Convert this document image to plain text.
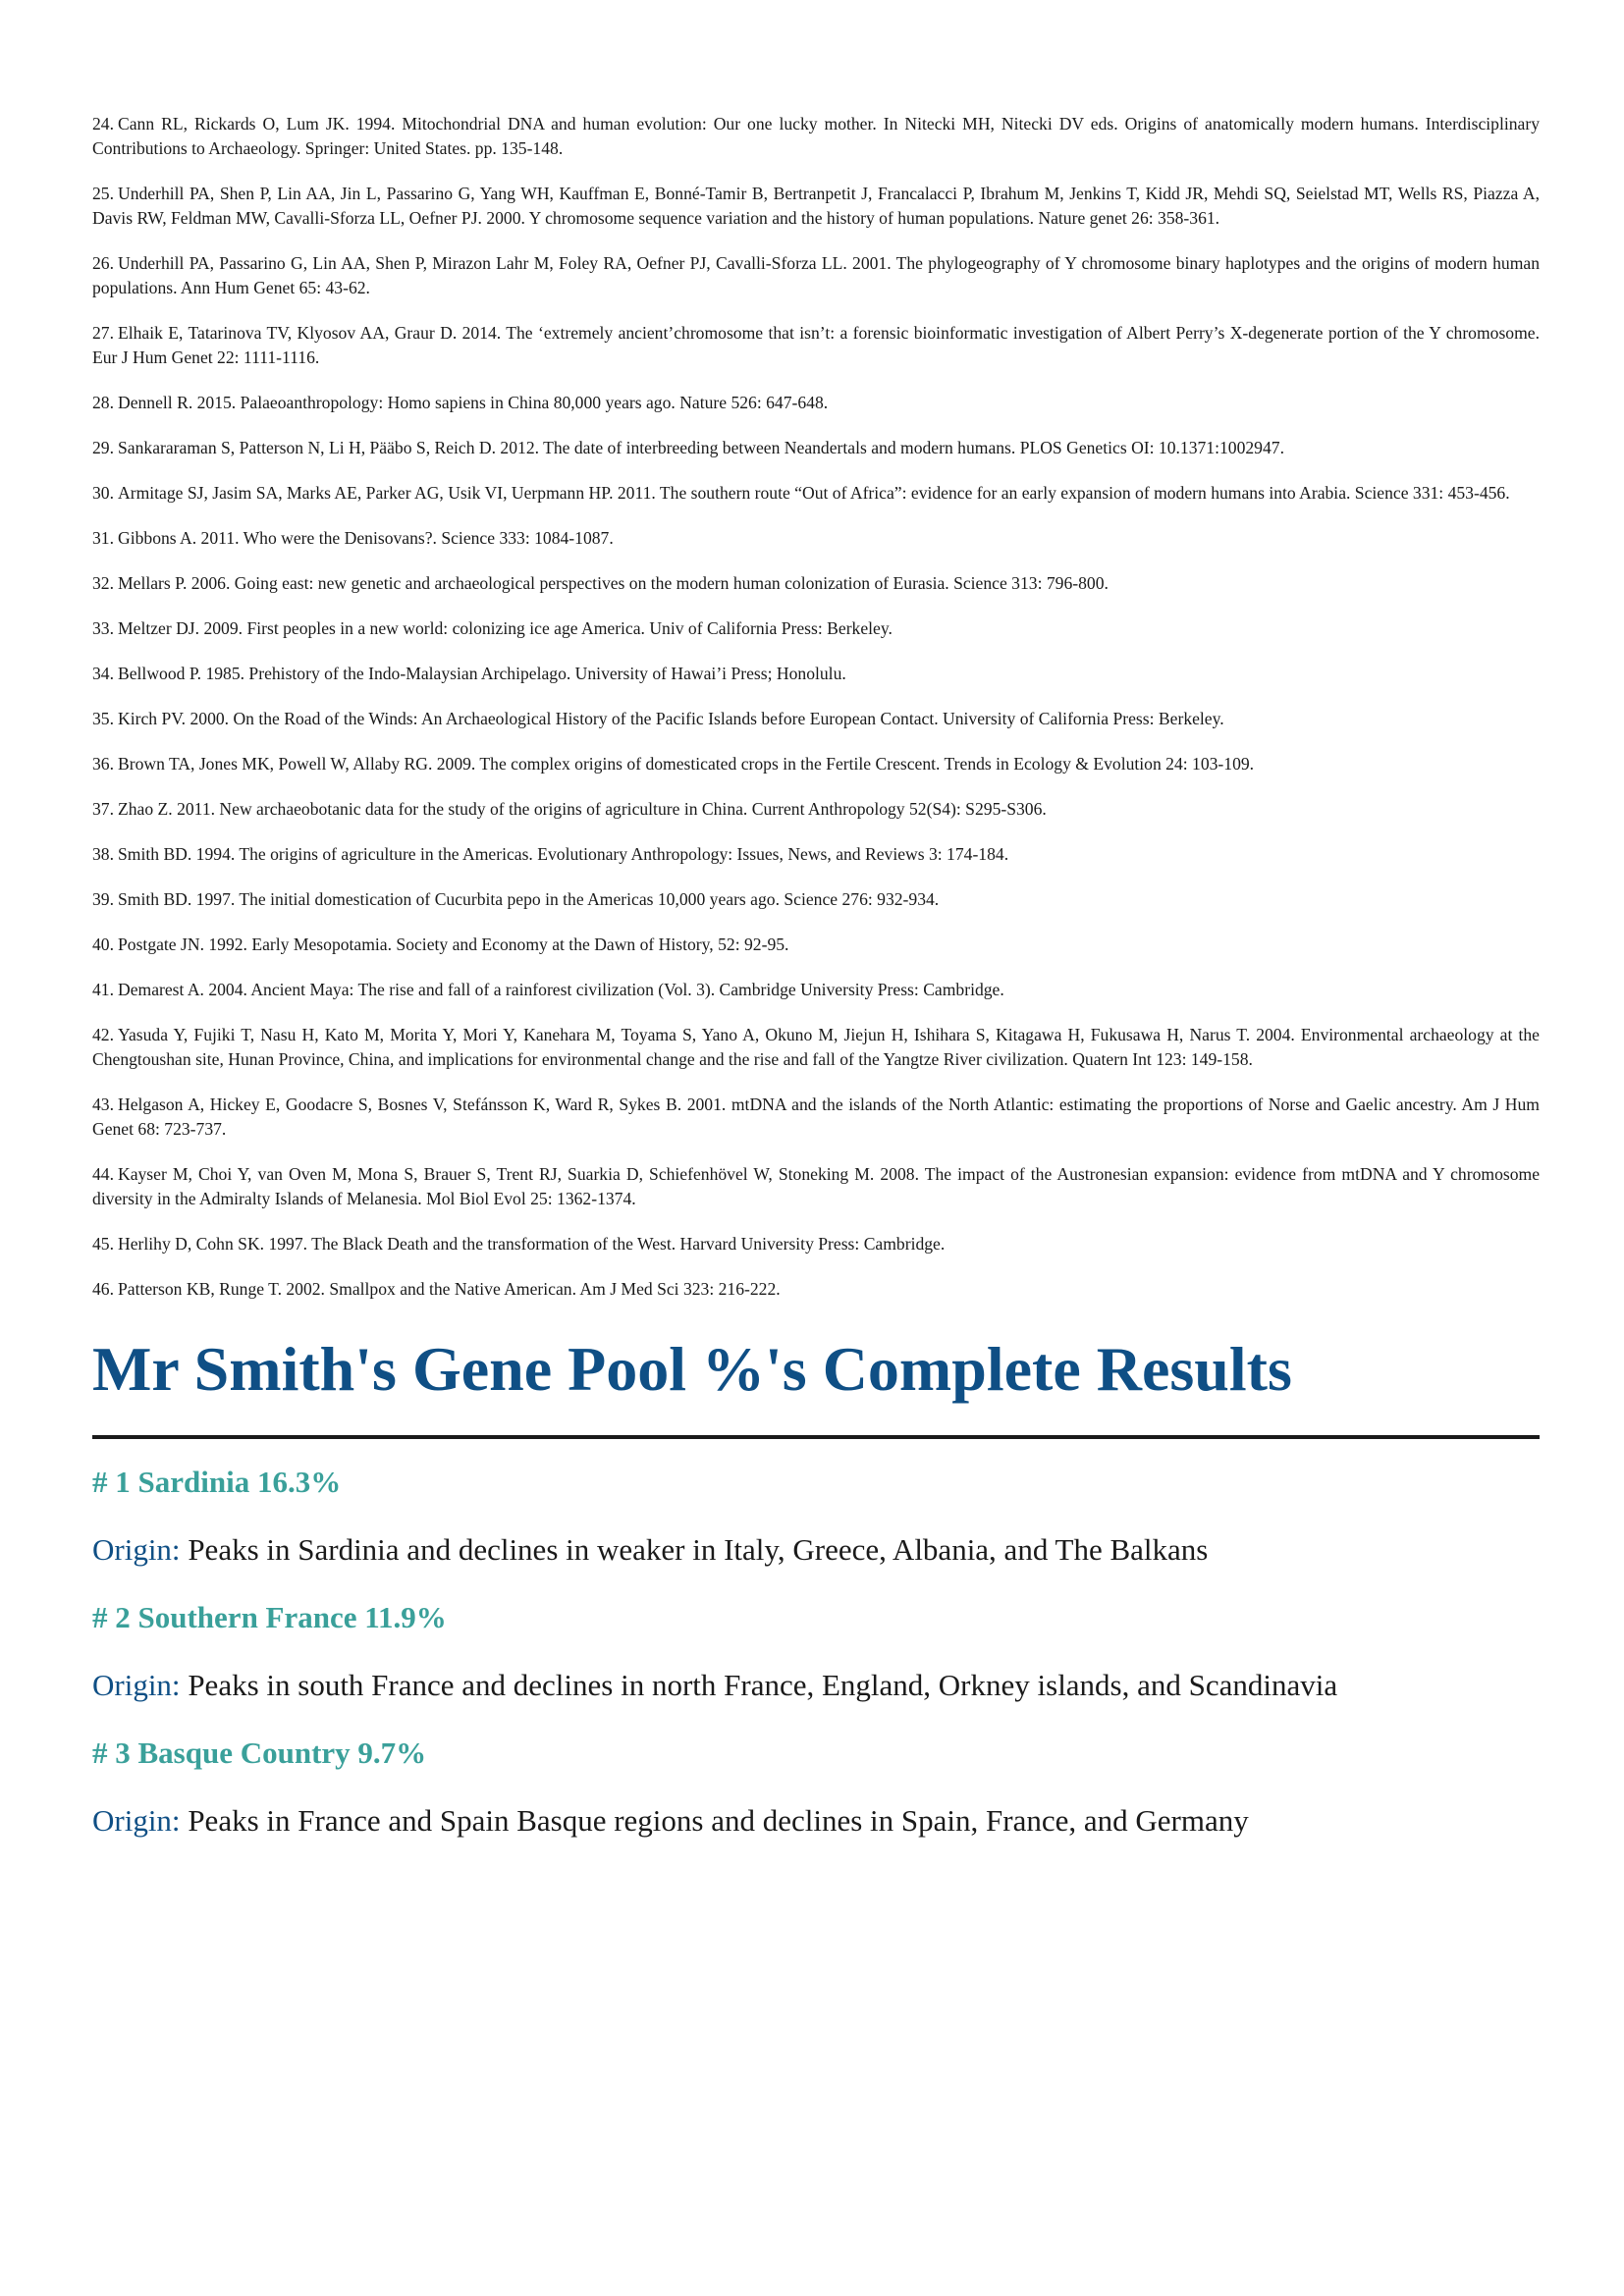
24. Cann RL, Rickards O, Lum JK. 1994. Mitochondrial DNA and human evolution: Our one lucky mother. In Nitecki MH, Nitecki DV eds. Origins of anatomically modern humans. Interdisciplinary Contributions to Archaeology. Springer: United States. pp. 135-148.
25. Underhill PA, Shen P, Lin AA, Jin L, Passarino G, Yang WH, Kauffman E, Bonné-Tamir B, Bertranpetit J, Francalacci P, Ibrahum M, Jenkins T, Kidd JR, Mehdi SQ, Seielstad MT, Wells RS, Piazza A, Davis RW, Feldman MW, Cavalli-Sforza LL, Oefner PJ. 2000. Y chromosome sequence variation and the history of human populations. Nature genet 26: 358-361.
26. Underhill PA, Passarino G, Lin AA, Shen P, Mirazon Lahr M, Foley RA, Oefner PJ, Cavalli-Sforza LL. 2001. The phylogeography of Y chromosome binary haplotypes and the origins of modern human populations. Ann Hum Genet 65: 43-62.
27. Elhaik E, Tatarinova TV, Klyosov AA, Graur D. 2014. The ‘extremely ancient’chromosome that isn’t: a forensic bioinformatic investigation of Albert Perry’s X-degenerate portion of the Y chromosome. Eur J Hum Genet 22: 1111-1116.
28. Dennell R. 2015. Palaeoanthropology: Homo sapiens in China 80,000 years ago. Nature 526: 647-648.
29. Sankararaman S, Patterson N, Li H, Pääbo S, Reich D. 2012. The date of interbreeding between Neandertals and modern humans. PLOS Genetics OI: 10.1371:1002947.
30. Armitage SJ, Jasim SA, Marks AE, Parker AG, Usik VI, Uerpmann HP. 2011. The southern route “Out of Africa”: evidence for an early expansion of modern humans into Arabia. Science 331: 453-456.
31. Gibbons A. 2011. Who were the Denisovans?. Science 333: 1084-1087.
32. Mellars P. 2006. Going east: new genetic and archaeological perspectives on the modern human colonization of Eurasia. Science 313: 796-800.
33. Meltzer DJ. 2009. First peoples in a new world: colonizing ice age America. Univ of California Press: Berkeley.
34. Bellwood P. 1985. Prehistory of the Indo-Malaysian Archipelago. University of Hawai’i Press; Honolulu.
35. Kirch PV. 2000. On the Road of the Winds: An Archaeological History of the Pacific Islands before European Contact. University of California Press: Berkeley.
36. Brown TA, Jones MK, Powell W, Allaby RG. 2009. The complex origins of domesticated crops in the Fertile Crescent. Trends in Ecology & Evolution 24: 103-109.
37. Zhao Z. 2011. New archaeobotanic data for the study of the origins of agriculture in China. Current Anthropology 52(S4): S295-S306.
38. Smith BD. 1994. The origins of agriculture in the Americas. Evolutionary Anthropology: Issues, News, and Reviews 3: 174-184.
39. Smith BD. 1997. The initial domestication of Cucurbita pepo in the Americas 10,000 years ago. Science 276: 932-934.
40. Postgate JN. 1992. Early Mesopotamia. Society and Economy at the Dawn of History, 52: 92-95.
41. Demarest A. 2004. Ancient Maya: The rise and fall of a rainforest civilization (Vol. 3). Cambridge University Press: Cambridge.
42. Yasuda Y, Fujiki T, Nasu H, Kato M, Morita Y, Mori Y, Kanehara M, Toyama S, Yano A, Okuno M, Jiejun H, Ishihara S, Kitagawa H, Fukusawa H, Narus T. 2004. Environmental archaeology at the Chengtoushan site, Hunan Province, China, and implications for environmental change and the rise and fall of the Yangtze River civilization. Quatern Int 123: 149-158.
43. Helgason A, Hickey E, Goodacre S, Bosnes V, Stefánsson K, Ward R, Sykes B. 2001. mtDNA and the islands of the North Atlantic: estimating the proportions of Norse and Gaelic ancestry. Am J Hum Genet 68: 723-737.
44. Kayser M, Choi Y, van Oven M, Mona S, Brauer S, Trent RJ, Suarkia D, Schiefenhövel W, Stoneking M. 2008. The impact of the Austronesian expansion: evidence from mtDNA and Y chromosome diversity in the Admiralty Islands of Melanesia. Mol Biol Evol 25: 1362-1374.
45. Herlihy D, Cohn SK. 1997. The Black Death and the transformation of the West. Harvard University Press: Cambridge.
46. Patterson KB, Runge T. 2002. Smallpox and the Native American. Am J Med Sci 323: 216-222.
Mr Smith's Gene Pool %'s Complete Results
# 1 Sardinia 16.3%
Origin: Peaks in Sardinia and declines in weaker in Italy, Greece, Albania, and The Balkans
# 2 Southern France 11.9%
Origin: Peaks in south France and declines in north France, England, Orkney islands, and Scandinavia
# 3 Basque Country 9.7%
Origin: Peaks in France and Spain Basque regions and declines in Spain, France, and Germany
